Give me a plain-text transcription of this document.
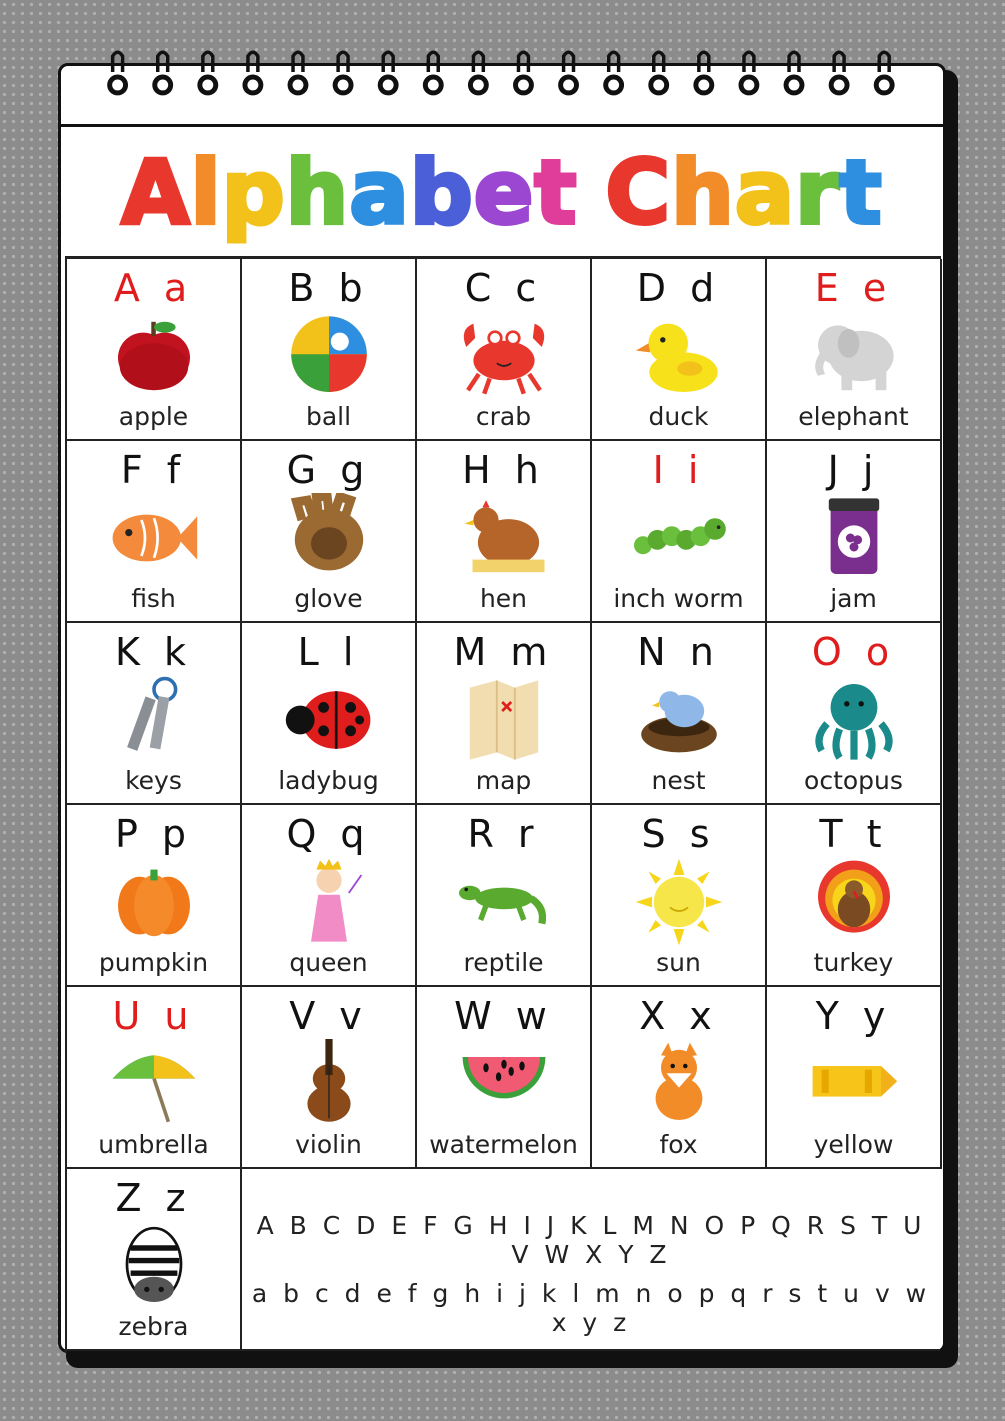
Alphabet Chart
A B C D E F G H I J K L M N O P Q R S T U V W X Y Z
a b c d e f g h i j k l m n o p q r s t u v w x y z
A a
apple
B b
ball
C c
crab
D d
duck
E e
elephant
F f
fish
G g
glove
H h
hen
I i
inch worm
J j
jam
K k
keys
L l
ladybug
M m
map
N n
nest
O o
octopus
P p
pumpkin
Q q
queen
R r
reptile
S s
sun
T t
turkey
U u
umbrella
V v
violin
W w
watermelon
X x
fox
Y y
yellow
Z z
zebra
